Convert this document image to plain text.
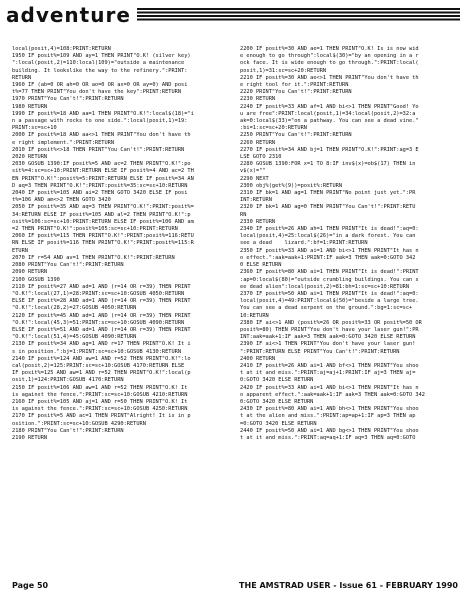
adventure
local(posit,4)=108:PRINT:RETURN
1950 IF posit%=109 AND ay=1 THEN PRINT"O.K! (silver key)
":local(posit,2)=110:local(109)="outside a maintenance
building. It lookslike the way to the refinery.":PRINT:
RETURN
1960 IF (ab=0 OR ah=0 OR ao=0 OR ax=0 OR ay=0) AND posi
t%=77 THEN PRINT"You don't have the key":PRINT:RETURN
1970 PRINT"You Can't!":PRINT:RETURN
1980 RETURN
1990 IF posit%=18 AND aa=1 THEN PRINT"O.K!":local$(18)="i
n a passage with rocks to one side.":local(posit,1)=19:
PRINT:sc=sc+10
2000 IF posit%=18 AND aa<>1 THEN PRINT"You don't have th
e right implement.":PRINT:RETURN
2010 IF posit%<>18 THEN PRINT"You Can't!":PRINT:RETURN
2020 RETURN
2030 GOSUB 1390:IF posit%=5 AND ac=2 THEN PRINT"O.K!":po
sit%=4:sc=sc+10:PRINT:RETURN ELSE IF posit%=4 AND ac=2 TH
EN PRINT"O.K!":posit%=5:PRINT:RETURN ELSE IF posit%=34 AN
D aq=3 THEN PRINT"O.K!":PRINT:posit%=35:sc=sc+10:RETURN
2040 IF posit%=105 AND ai=2 THEN GOTO 3420 ELSE IF posi
t%=106 AND am<>2 THEN GOTO 3420
2050 IF posit%=35 AND aq=3 THEN PRINT"O.K!":PRINT:posit%=
34:RETURN ELSE IF posit%=105 AND al=2 THEN PRINT"O.K!":p
osit%=106:sc=sc+10:PRINT:RETURN ELSE IF posit%=106 AND am
=2 THEN PRINT"O.K!":posit%=105:sc=sc+10:PRINT:RETURN
2060 IF posit%=115 THEN PRINT"O.K!":PRINT:posit%=116:RETU
RN ELSE IF posit%=116 THEN PRINT"O.K!":PRINT:posit%=115:R
ETURN
2070 IF r=54 AND av=1 THEN PRINT"O.K!":PRINT:RETURN
2080 PRINT"You Can't!":PRINT:RETURN
2090 RETURN
2100 GOSUB 1390
2110 IF posit%=27 AND ad=1 AND (r=14 OR r=39) THEN PRINT
"O.K!":local(27,1)=28:PRINT:sc=sc+10:GOSUB 4050:RETURN
ELSE IF posit%=28 AND ad=1 AND (r=14 OR r=39) THEN PRINT
"O.K!":local(28,2)=27:GOSUB 4050:RETURN
2120 IF posit%=45 AND ad=1 AND (r=14 OR r=39) THEN PRINT
"O.K!":local(45,3)=51:PRINT:sc=sc+10:GOSUB 4090:RETURN
ELSE IF posit%=51 AND ad=1 AND (r=14 OR r=39) THEN PRINT
"O.K!":local(51,4)=45:GOSUB 4090:RETURN
2130 IF posit%=34 AND ag=1 AND r=17 THEN PRINT"O.K! It i
s in position.":bj=1:PRINT:sc=sc+10:GOSUB 4130:RETURN
2140 IF posit%=124 AND aw=1 AND r=52 THEN PRINT"O.K!":lo
cal(posit,2)=125:PRINT:sc=sc+10:GOSUB 4170:RETURN ELSE
IF posit%=125 AND aw=1 AND r=52 THEN PRINT"O.K!":local(p
osit,1)=124:PRINT:GOSUB 4170:RETURN
2150 IF posit%=106 AND aw=1 AND r=52 THEN PRINT"O.K! It
is against the fence.":PRINT:sc=sc+10:GOSUB 4210:RETURN
2160 IF posit%=105 AND aj=1 AND r=50 THEN PRINT"O.K! It
is against the fence.":PRINT:sc=sc+10:GOSUB 4250:RETURN
2170 IF posit%=5 AND ac=1 THEN PRINT"Alright! It is in p
osition.":PRINT:sc=sc+10:GOSUB 4290:RETURN
2180 PRINT"You Can't!":PRINT:RETURN
2190 RETURN
2200 IF posit%=30 AND ae=1 THEN PRINT"O.K! Is is now wid
e enough to go through":local$(30)="by an opening in a r
ock face. It is wide enough to go through.":PRINT:local(
posit,1)=31:sc=sc+20:RETURN
2210 IF posit%=30 AND ae<>1 THEN PRINT"You don't have th
e right tool for it.":PRINT:RETURN
2220 PRINT"You Can't!":PRINT:RETURN
2230 RETURN
2240 IF posit%=33 AND af=1 AND bi<>1 THEN PRINT"Good! Yo
u are free":PRINT:local(posit,1)=34:local(posit,2)=32:a
ak=0:local$(33)="on a pathway. You can see a dead vine."
:bi=1:sc=sc+20:RETURN
2250 PRINT"You Can't!":PRINT:RETURN
2260 RETURN
2270 IF posit%=34 AND bj=1 THEN PRINT"O.K!":PRINT:ag=3 E
LSE GOTO 2310
2280 GOSUB 1390:FOR x=1 TO 8:IF inv$(x)=ob$(17) THEN in
v$(x)=""
2290 NEXT
2300 obj%(get%(9))=posit%:RETURN
2310 IF bk=1 AND ag=1 THEN PRINT"No point just yet.":PR
INT:RETURN
2320 IF bk=1 AND ag=0 THEN PRINT"You Can't!":PRINT:RETU
RN
2330 RETURN
2340 IF posit%=26 AND ah=1 THEN PRINT"It is dead!":aq=0:
local(posit,4)=25:local$(26)="in a dark forest. You can
see a dead    lizard.":bf=1:PRINT:RETURN
2350 IF posit%=33 AND ai=1 AND bi<>1 THEN PRINT"It has n
o effect.":aak=aak+1:PRINT:IF aak=3 THEN aak=0:GOTO 342
0 ELSE RETURN
2360 IF posit%=80 AND ai=1 THEN PRINT"It is dead!":PRINT
:ap=0:local$(80)="outside crumbling buildings. You can s
ee dead alien":local(posit,2)=81:bh=1:sc=sc+10:RETURN
2370 IF posit%=50 AND ai=1 THEN PRINT"It is dead!":aq=0:
local(posit,4)=49:PRINT:local$(50)="beside a large tree.
You can see a dead serpent on the ground.":bg=1:sc=sc+
10:RETURN
2380 IF ai<>1 AND (posit%=26 OR posit%=33 OR posit%=50 OR
posit%=80) THEN PRINT"You don't have your laser gun!":PR
INT:aak=aak+1:IF aak=3 THEN aak=0:GOTO 3420 ELSE RETURN
2390 IF ai<>1 THEN PRINT"You don't have your laser gun!
":PRINT:RETURN ELSE PRINT"You Can't!":PRINT:RETURN
2400 RETURN
2410 IF posit%=26 AND ai=1 AND bf<>1 THEN PRINT"You shoo
t at it and miss.":PRINT:aj=aj+1:PRINT:IF aj=3 THEN aj=
0:GOTO 3420 ELSE RETURN
2420 IF posit%=33 AND ai=1 AND bi<>1 THEN PRINT"It has n
o apparent effect.":aak=aak+1:IF aak=3 THEN aak=0:GOTO 342
0:GOTO 3420 ELSE RETURN
2430 IF posit%=80 AND ai=1 AND bh<>1 THEN PRINT"You shoo
t at the alien and miss.":PRINT:ap=ap+1:IF ap=3 THEN ap
=0:GOTO 3420 ELSE RETURN
2440 IF posit%=50 AND ai=1 AND bg<>1 THEN PRINT"You shoo
t at it and miss.":PRINT:aq=aq+1:IF aq=3 THEN aq=0:GOTO
Page 50	THE AMSTRAD USER - Issue 61 - FEBRUARY 1990
